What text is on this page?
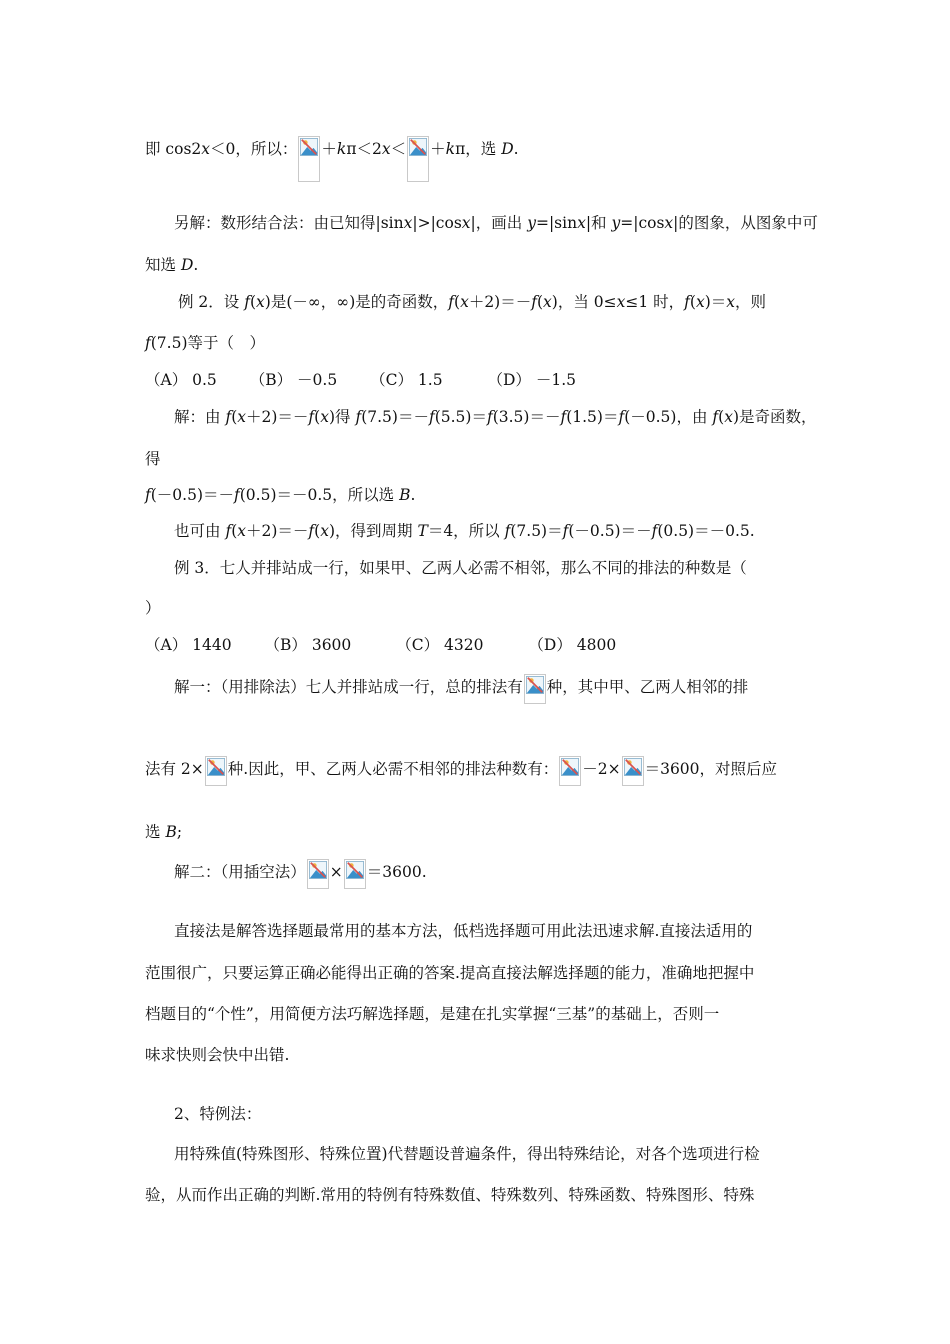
即 cos2x＜0，所以： ＋kπ＜2x＜ ＋kπ，选 D.
另解：数形结合法：由已知得|sinx|>|cosx|，画出 y=|sinx|和 y=|cosx|的图象，从图象中可
知选 D.
例 2．设 f(x)是(－∞，∞)是的奇函数，f(x＋2)＝－f(x)，当 0≤x≤1 时，f(x)＝x，则
f(7.5)等于（　）
（A） 0.5 （B） －0.5 （C） 1.5	（D） －1.5
解：由 f(x＋2)＝－f(x)得 f(7.5)＝－f(5.5)＝f(3.5)＝－f(1.5)＝f(－0.5)，由 f(x)是奇函数，
得
f(－0.5)＝－f(0.5)＝－0.5，所以选 B.
也可由 f(x＋2)＝－f(x)，得到周期 T＝4，所以 f(7.5)＝f(－0.5)＝－f(0.5)＝－0.5.
例 3．七人并排站成一行，如果甲、乙两人必需不相邻，那么不同的排法的种数是（
）
（A） 1440 （B） 3600	（C） 4320	（D） 4800
解一：（用排除法）七人并排站成一行，总的排法有 种，其中甲、乙两人相邻的排
法有 2× 种.因此，甲、乙两人必需不相邻的排法种数有： －2× ＝3600，对照后应
选 B;
解二：（用插空法） × ＝3600.
直接法是解答选择题最常用的基本方法，低档选择题可用此法迅速求解.直接法适用的
范围很广，只要运算正确必能得出正确的答案.提高直接法解选择题的能力，准确地把握中
档题目的“个性”，用简便方法巧解选择题，是建在扎实掌握“三基”的基础上，否则一
味求快则会快中出错.
2、特例法：
用特殊值(特殊图形、特殊位置)代替题设普遍条件，得出特殊结论，对各个选项进行检
验，从而作出正确的判断.常用的特例有特殊数值、特殊数列、特殊函数、特殊图形、特殊
